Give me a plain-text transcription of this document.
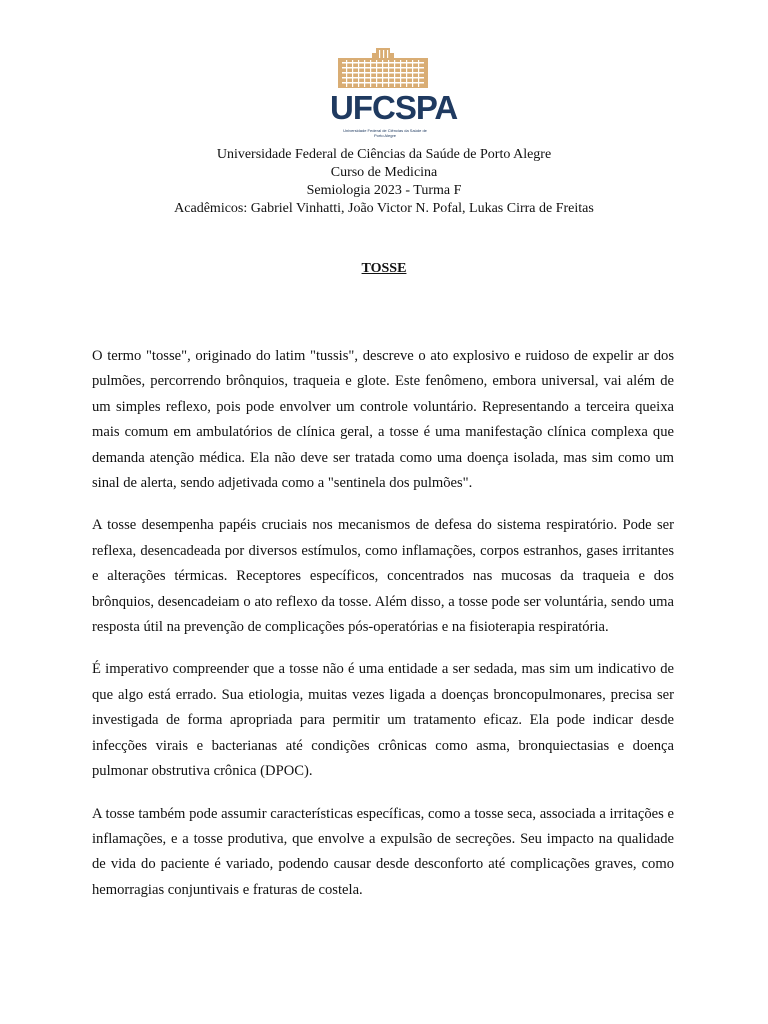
UFCSPA
Universidade Federal de Ciências da Saúde de Porto Alegre
Universidade Federal de Ciências da Saúde de Porto Alegre
Curso de Medicina
Semiologia 2023 - Turma F
Acadêmicos: Gabriel Vinhatti, João Victor N. Pofal, Lukas Cirra de Freitas
TOSSE

O termo "tosse", originado do latim "tussis", descreve o ato explosivo e ruidoso de expelir ar dos pulmões, percorrendo brônquios, traqueia e glote. Este fenômeno, embora universal, vai além de um simples reflexo, pois pode envolver um controle voluntário. Representando a terceira queixa mais comum em ambulatórios de clínica geral, a tosse é uma manifestação clínica complexa que demanda atenção médica. Ela não deve ser tratada como uma doença isolada, mas sim como um sinal de alerta, sendo adjetivada como a "sentinela dos pulmões".

A tosse desempenha papéis cruciais nos mecanismos de defesa do sistema respiratório. Pode ser reflexa, desencadeada por diversos estímulos, como inflamações, corpos estranhos, gases irritantes e alterações térmicas. Receptores específicos, concentrados nas mucosas da traqueia e dos brônquios, desencadeiam o ato reflexo da tosse. Além disso, a tosse pode ser voluntária, sendo uma resposta útil na prevenção de complicações pós-operatórias e na fisioterapia respiratória.

É imperativo compreender que a tosse não é uma entidade a ser sedada, mas sim um indicativo de que algo está errado. Sua etiologia, muitas vezes ligada a doenças broncopulmonares, precisa ser investigada de forma apropriada para permitir um tratamento eficaz. Ela pode indicar desde infecções virais e bacterianas até condições crônicas como asma, bronquiectasias e doença pulmonar obstrutiva crônica (DPOC).

A tosse também pode assumir características específicas, como a tosse seca, associada a irritações e inflamações, e a tosse produtiva, que envolve a expulsão de secreções. Seu impacto na qualidade de vida do paciente é variado, podendo causar desde desconforto até complicações graves, como hemorragias conjuntivais e fraturas de costela.
